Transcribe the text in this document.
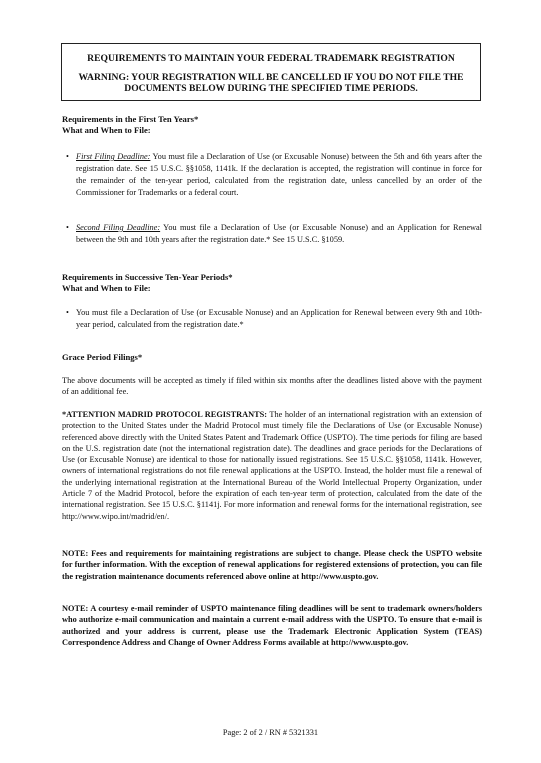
REQUIREMENTS TO MAINTAIN YOUR FEDERAL TRADEMARK REGISTRATION
WARNING: YOUR REGISTRATION WILL BE CANCELLED IF YOU DO NOT FILE THE DOCUMENTS BELOW DURING THE SPECIFIED TIME PERIODS.
Requirements in the First Ten Years*
What and When to File:
• First Filing Deadline: You must file a Declaration of Use (or Excusable Nonuse) between the 5th and 6th years after the registration date. See 15 U.S.C. §§1058, 1141k. If the declaration is accepted, the registration will continue in force for the remainder of the ten-year period, calculated from the registration date, unless cancelled by an order of the Commissioner for Trademarks or a federal court.
• Second Filing Deadline: You must file a Declaration of Use (or Excusable Nonuse) and an Application for Renewal between the 9th and 10th years after the registration date.* See 15 U.S.C. §1059.
Requirements in Successive Ten-Year Periods*
What and When to File:
• You must file a Declaration of Use (or Excusable Nonuse) and an Application for Renewal between every 9th and 10th-year period, calculated from the registration date.*
Grace Period Filings*
The above documents will be accepted as timely if filed within six months after the deadlines listed above with the payment of an additional fee.
*ATTENTION MADRID PROTOCOL REGISTRANTS: The holder of an international registration with an extension of protection to the United States under the Madrid Protocol must timely file the Declarations of Use (or Excusable Nonuse) referenced above directly with the United States Patent and Trademark Office (USPTO). The time periods for filing are based on the U.S. registration date (not the international registration date). The deadlines and grace periods for the Declarations of Use (or Excusable Nonuse) are identical to those for nationally issued registrations. See 15 U.S.C. §§1058, 1141k. However, owners of international registrations do not file renewal applications at the USPTO. Instead, the holder must file a renewal of the underlying international registration at the International Bureau of the World Intellectual Property Organization, under Article 7 of the Madrid Protocol, before the expiration of each ten-year term of protection, calculated from the date of the international registration. See 15 U.S.C. §1141j. For more information and renewal forms for the international registration, see http://www.wipo.int/madrid/en/.
NOTE: Fees and requirements for maintaining registrations are subject to change. Please check the USPTO website for further information. With the exception of renewal applications for registered extensions of protection, you can file the registration maintenance documents referenced above online at http://www.uspto.gov.
NOTE: A courtesy e-mail reminder of USPTO maintenance filing deadlines will be sent to trademark owners/holders who authorize e-mail communication and maintain a current e-mail address with the USPTO. To ensure that e-mail is authorized and your address is current, please use the Trademark Electronic Application System (TEAS) Correspondence Address and Change of Owner Address Forms available at http://www.uspto.gov.
Page: 2 of 2 / RN # 5321331
